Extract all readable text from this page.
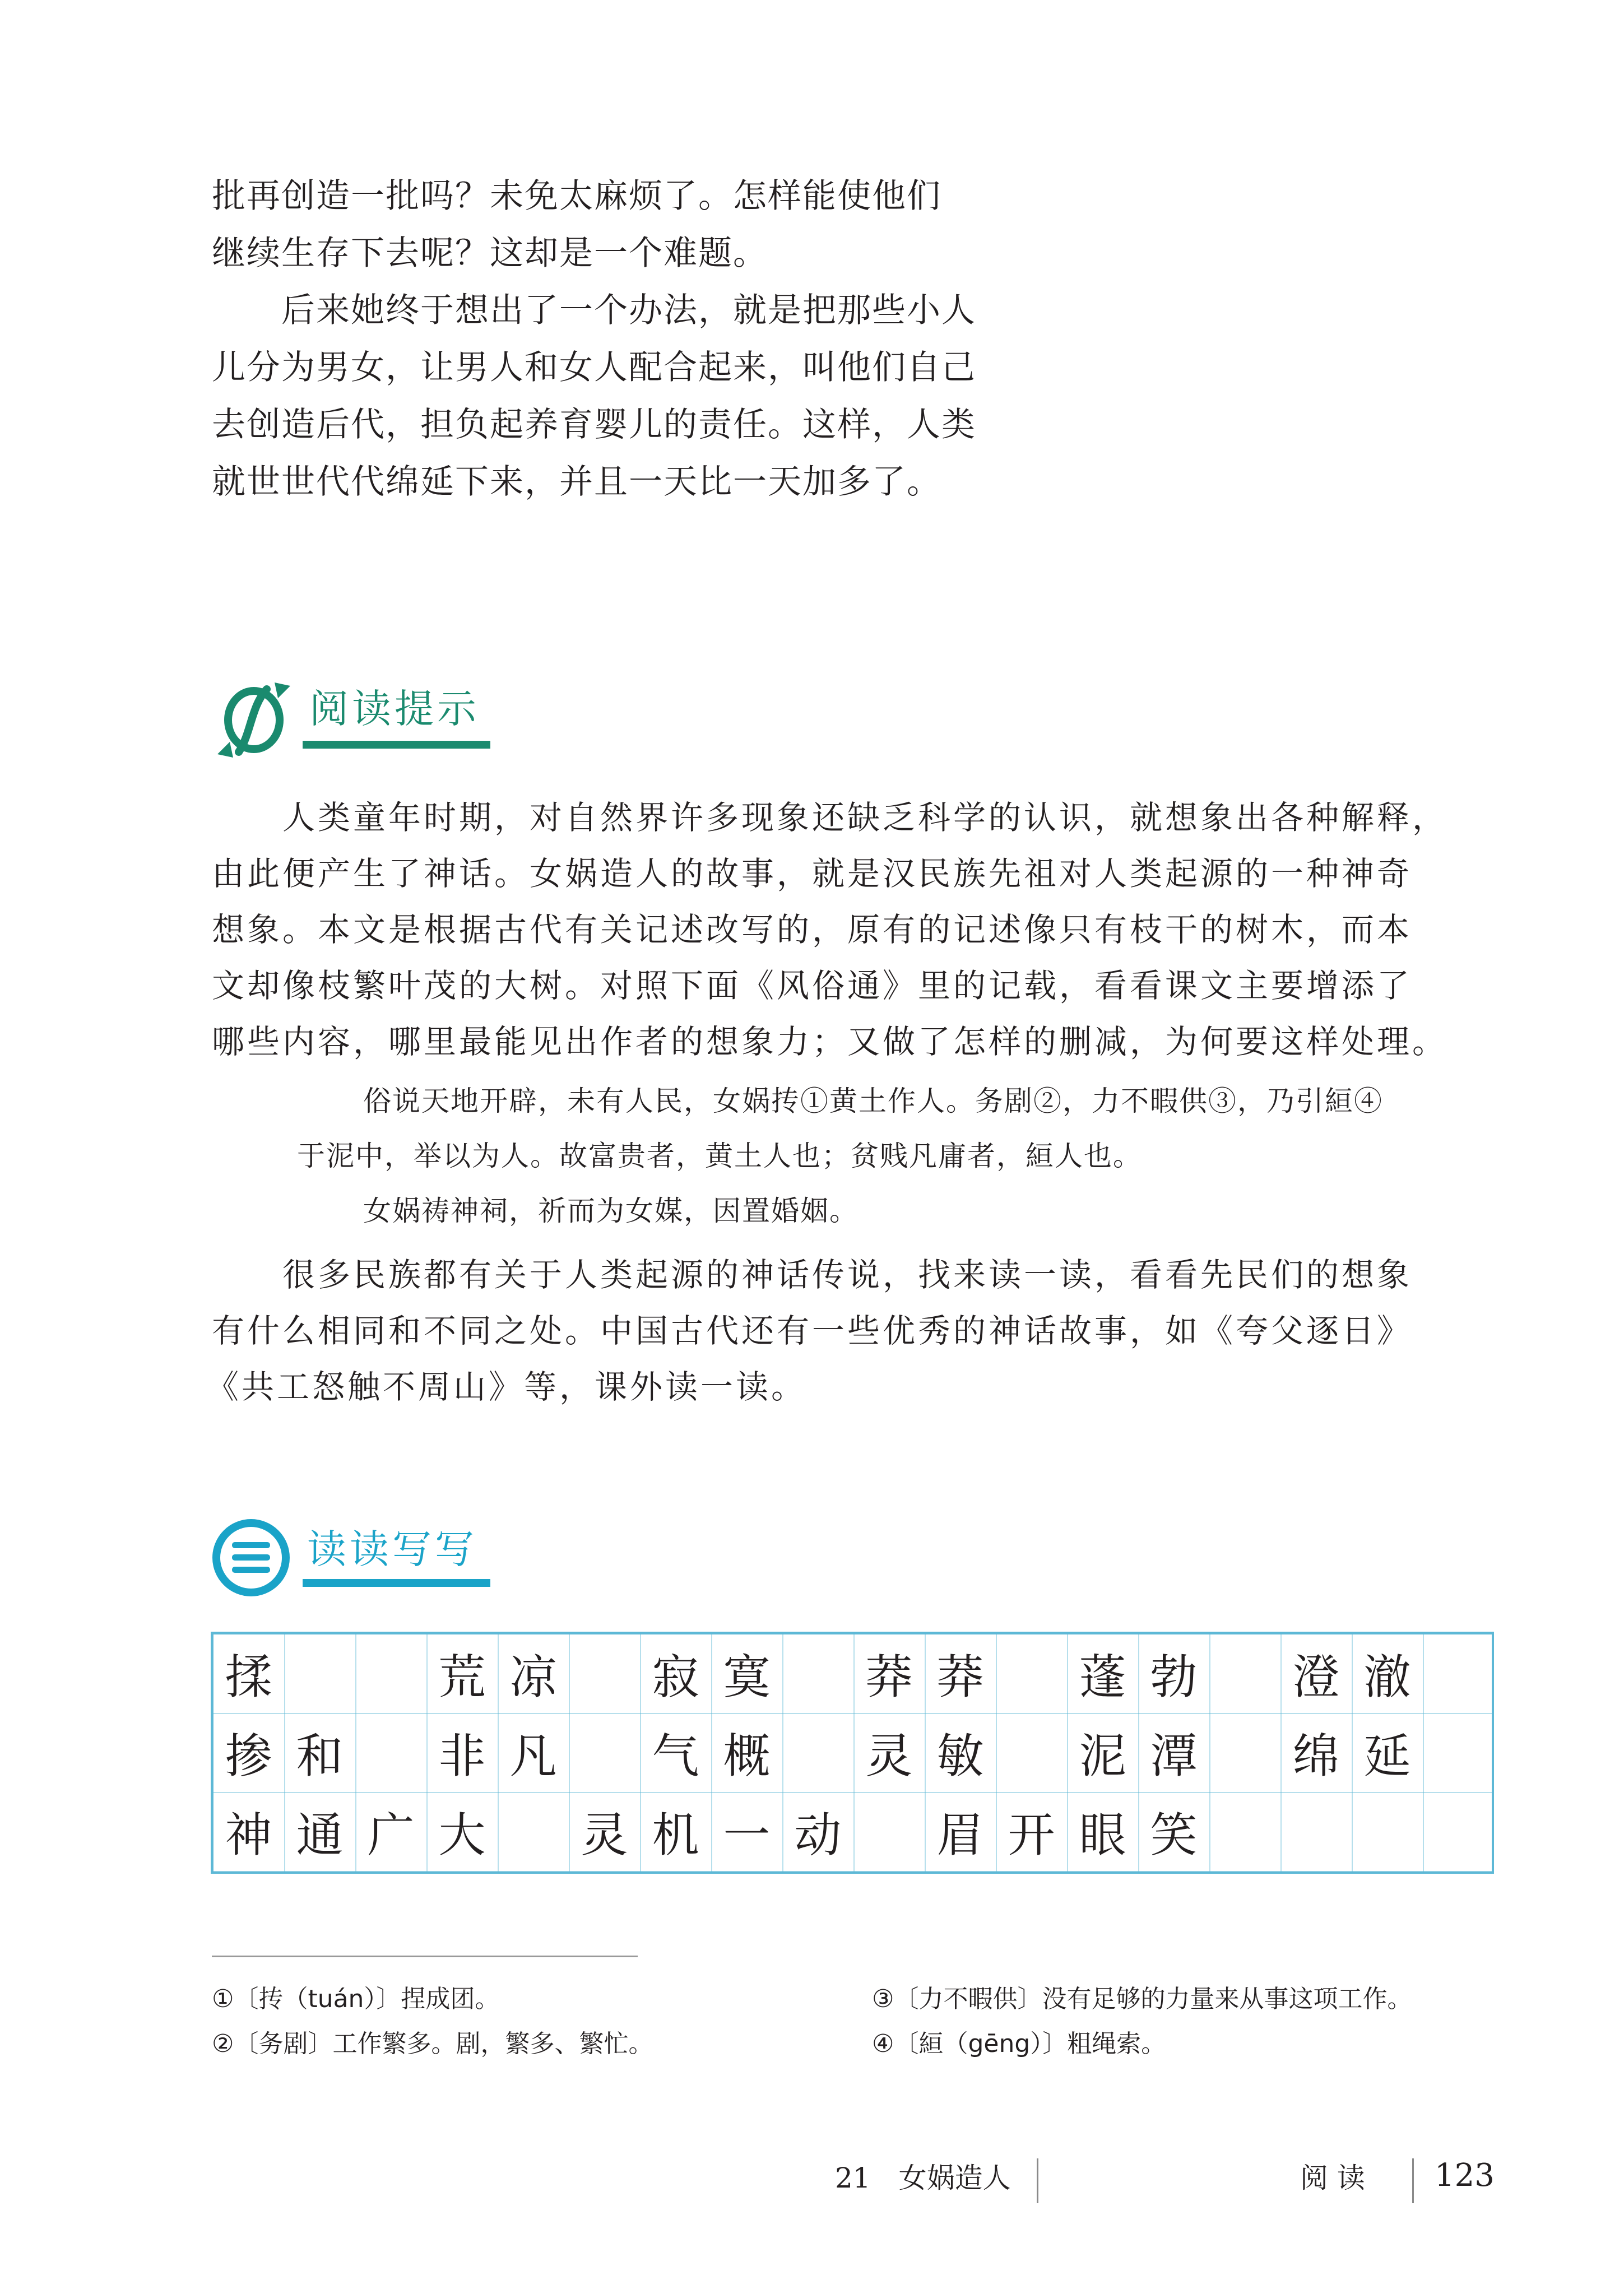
批再创造一批吗？未免太麻烦了。怎样能使他们
继续生存下去呢？这却是一个难题。
　　后来她终于想出了一个办法，就是把那些小人
儿分为男女，让男人和女人配合起来，叫他们自己
去创造后代，担负起养育婴儿的责任。这样，人类
就世世代代绵延下来，并且一天比一天加多了。
阅读提示
　　人类童年时期，对自然界许多现象还缺乏科学的认识，就想象出各种解释，
由此便产生了神话。女娲造人的故事，就是汉民族先祖对人类起源的一种神奇
想象。本文是根据古代有关记述改写的，原有的记述像只有枝干的树木，而本
文却像枝繁叶茂的大树。对照下面《风俗通》里的记载，看看课文主要增添了
哪些内容，哪里最能见出作者的想象力；又做了怎样的删减，为何要这样处理。
俗说天地开辟，未有人民，女娲抟①黄土作人。务剧②，力不暇供③，乃引絙④
于泥中，举以为人。故富贵者，黄土人也；贫贱凡庸者，絙人也。
女娲祷神祠，祈而为女媒，因置婚姻。
　　很多民族都有关于人类起源的神话传说，找来读一读，看看先民们的想象
有什么相同和不同之处。中国古代还有一些优秀的神话故事，如《夸父逐日》
《共工怒触不周山》等，课外读一读。
读读写写
揉	荒 凉 寂 寞 莽 莽 蓬 勃 澄 澈
掺 和 非 凡 气 概 灵 敏 泥 潭 绵 延
神 通 广 大 灵 机 一 动 眉 开 眼 笑
①〔抟（tuán）〕捏成团。
②〔务剧〕工作繁多。剧，繁多、繁忙。
③〔力不暇供〕没有足够的力量来从事这项工作。
④〔絙（gēng）〕粗绳索。
21　女娲造人	阅 读 123
